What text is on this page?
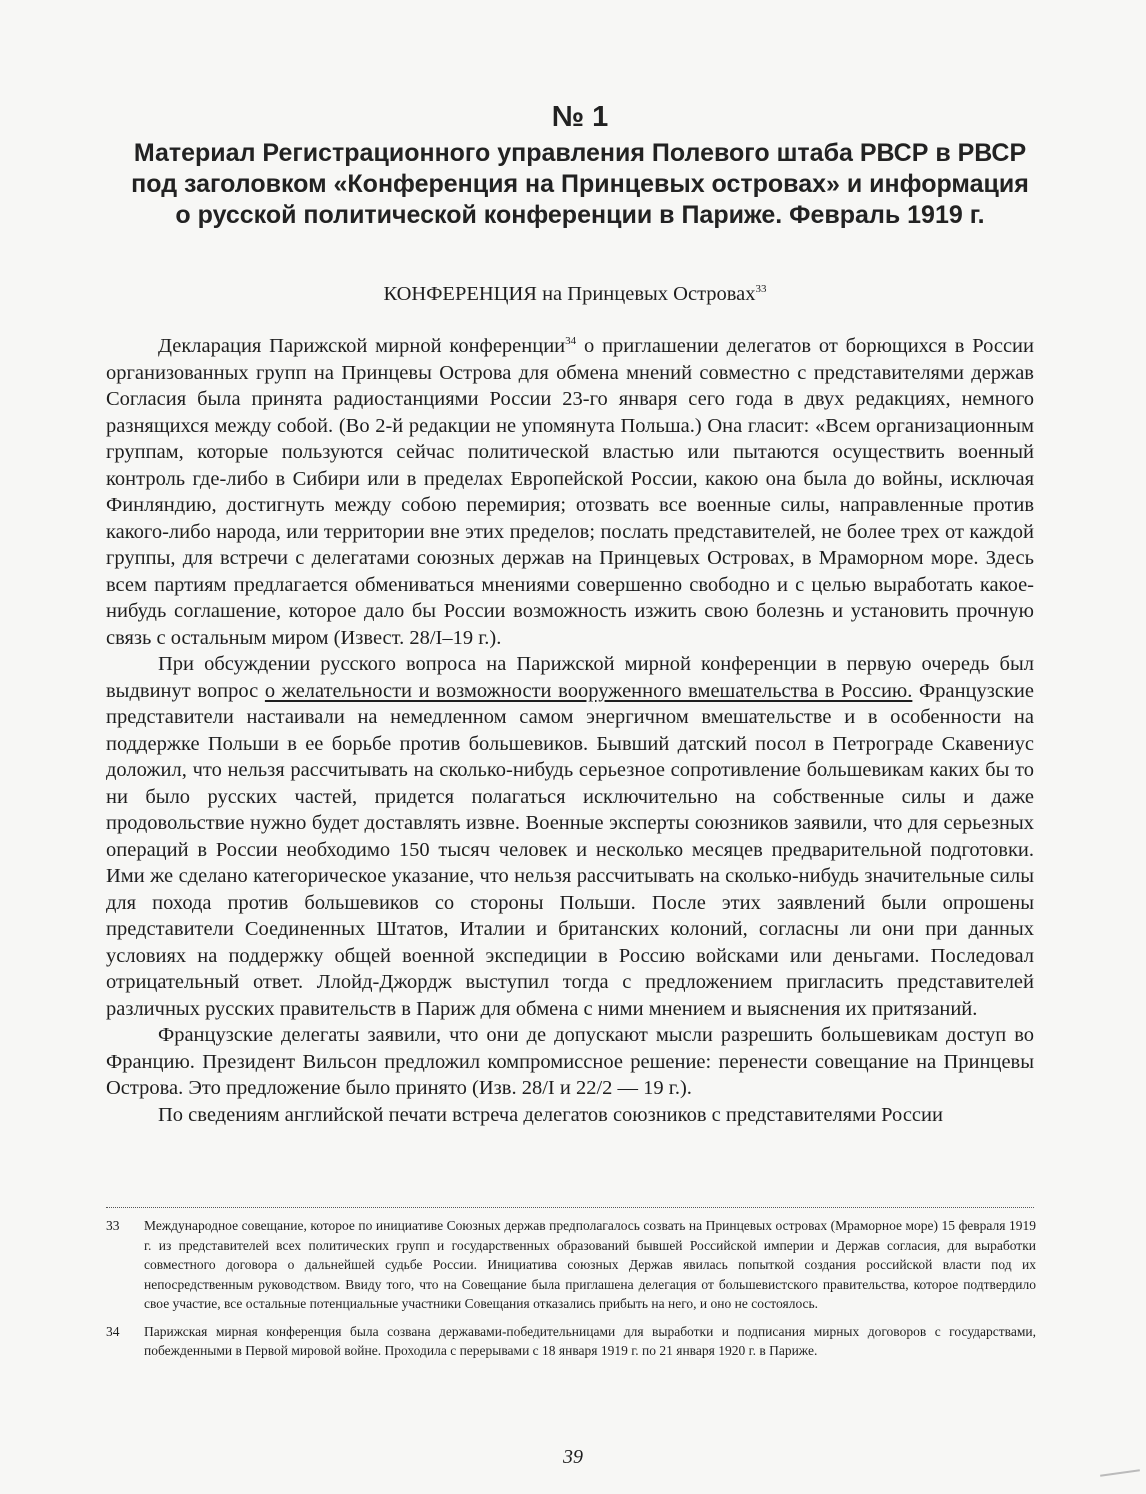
№ 1
Материал Регистрационного управления Полевого штаба РВСР в РВСР
под заголовком «Конференция на Принцевых островах» и информация
о русской политической конференции в Париже. Февраль 1919 г.
КОНФЕРЕНЦИЯ на Принцевых Островах$^{33}$

Декларация Парижской мирной конференции$^{34}$ о приглашении делегатов от борющихся в России организованных групп на Принцевы Острова для обмена мнений совместно с представителями держав Согласия была принята радиостанциями России 23-го января сего года в двух редакциях, немного разнящихся между собой. (Во 2-й редакции не упомянута Польша.) Она гласит: «Всем организационным группам, которые пользуются сейчас политической властью или пытаются осуществить военный контроль где-либо в Сибири или в пределах Европейской России, какою она была до войны, исключая Финляндию, достигнуть между собою перемирия; отозвать все военные силы, направленные против какого-либо народа, или территории вне этих пределов; послать представителей, не более трех от каждой группы, для встречи с делегатами союзных держав на Принцевых Островах, в Мраморном море. Здесь всем партиям предлагается обмениваться мнениями совершенно свободно и с целью выработать какое-нибудь соглашение, которое дало бы России возможность изжить свою болезнь и установить прочную связь с остальным миром (Извест. 28/I–19 г.).

При обсуждении русского вопроса на Парижской мирной конференции в первую очередь был выдвинут вопрос о желательности и возможности вооруженного вмешательства в Россию. Французские представители настаивали на немедленном самом энергичном вмешательстве и в особенности на поддержке Польши в ее борьбе против большевиков. Бывший датский посол в Петрограде Скавениус доложил, что нельзя рассчитывать на сколько-нибудь серьезное сопротивление большевикам каких бы то ни было русских частей, придется полагаться исключительно на собственные силы и даже продовольствие нужно будет доставлять извне. Военные эксперты союзников заявили, что для серьезных операций в России необходимо 150 тысяч человек и несколько месяцев предварительной подготовки. Ими же сделано категорическое указание, что нельзя рассчитывать на сколько-нибудь значительные силы для похода против большевиков со стороны Польши. После этих заявлений были опрошены представители Соединенных Штатов, Италии и британских колоний, согласны ли они при данных условиях на поддержку общей военной экспедиции в Россию войсками или деньгами. Последовал отрицательный ответ. Ллойд-Джордж выступил тогда с предложением пригласить представителей различных русских правительств в Париж для обмена с ними мнением и выяснения их притязаний.

Французские делегаты заявили, что они де допускают мысли разрешить большевикам доступ во Францию. Президент Вильсон предложил компромиссное решение: перенести совещание на Принцевы Острова. Это предложение было принято (Изв. 28/I и 22/2 — 19 г.).

По сведениям английской печати встреча делегатов союзников с представителями России

33	Международное совещание, которое по инициативе Союзных держав предполагалось созвать на Принцевых островах (Мраморное море) 15 февраля 1919 г. из представителей всех политических групп и государственных образований бывшей Российской империи и Держав согласия, для выработки совместного договора о дальнейшей судьбе России. Инициатива союзных Держав явилась попыткой создания российской власти под их непосредственным руководством. Ввиду того, что на Совещание была приглашена делегация от большевистского правительства, которое подтвердило свое участие, все остальные потенциальные участники Совещания отказались прибыть на него, и оно не состоялось.
34	Парижская мирная конференция была созвана державами-победительницами для выработки и подписания мирных договоров с государствами, побежденными в Первой мировой войне. Проходила с перерывами с 18 января 1919 г. по 21 января 1920 г. в Париже.
39
